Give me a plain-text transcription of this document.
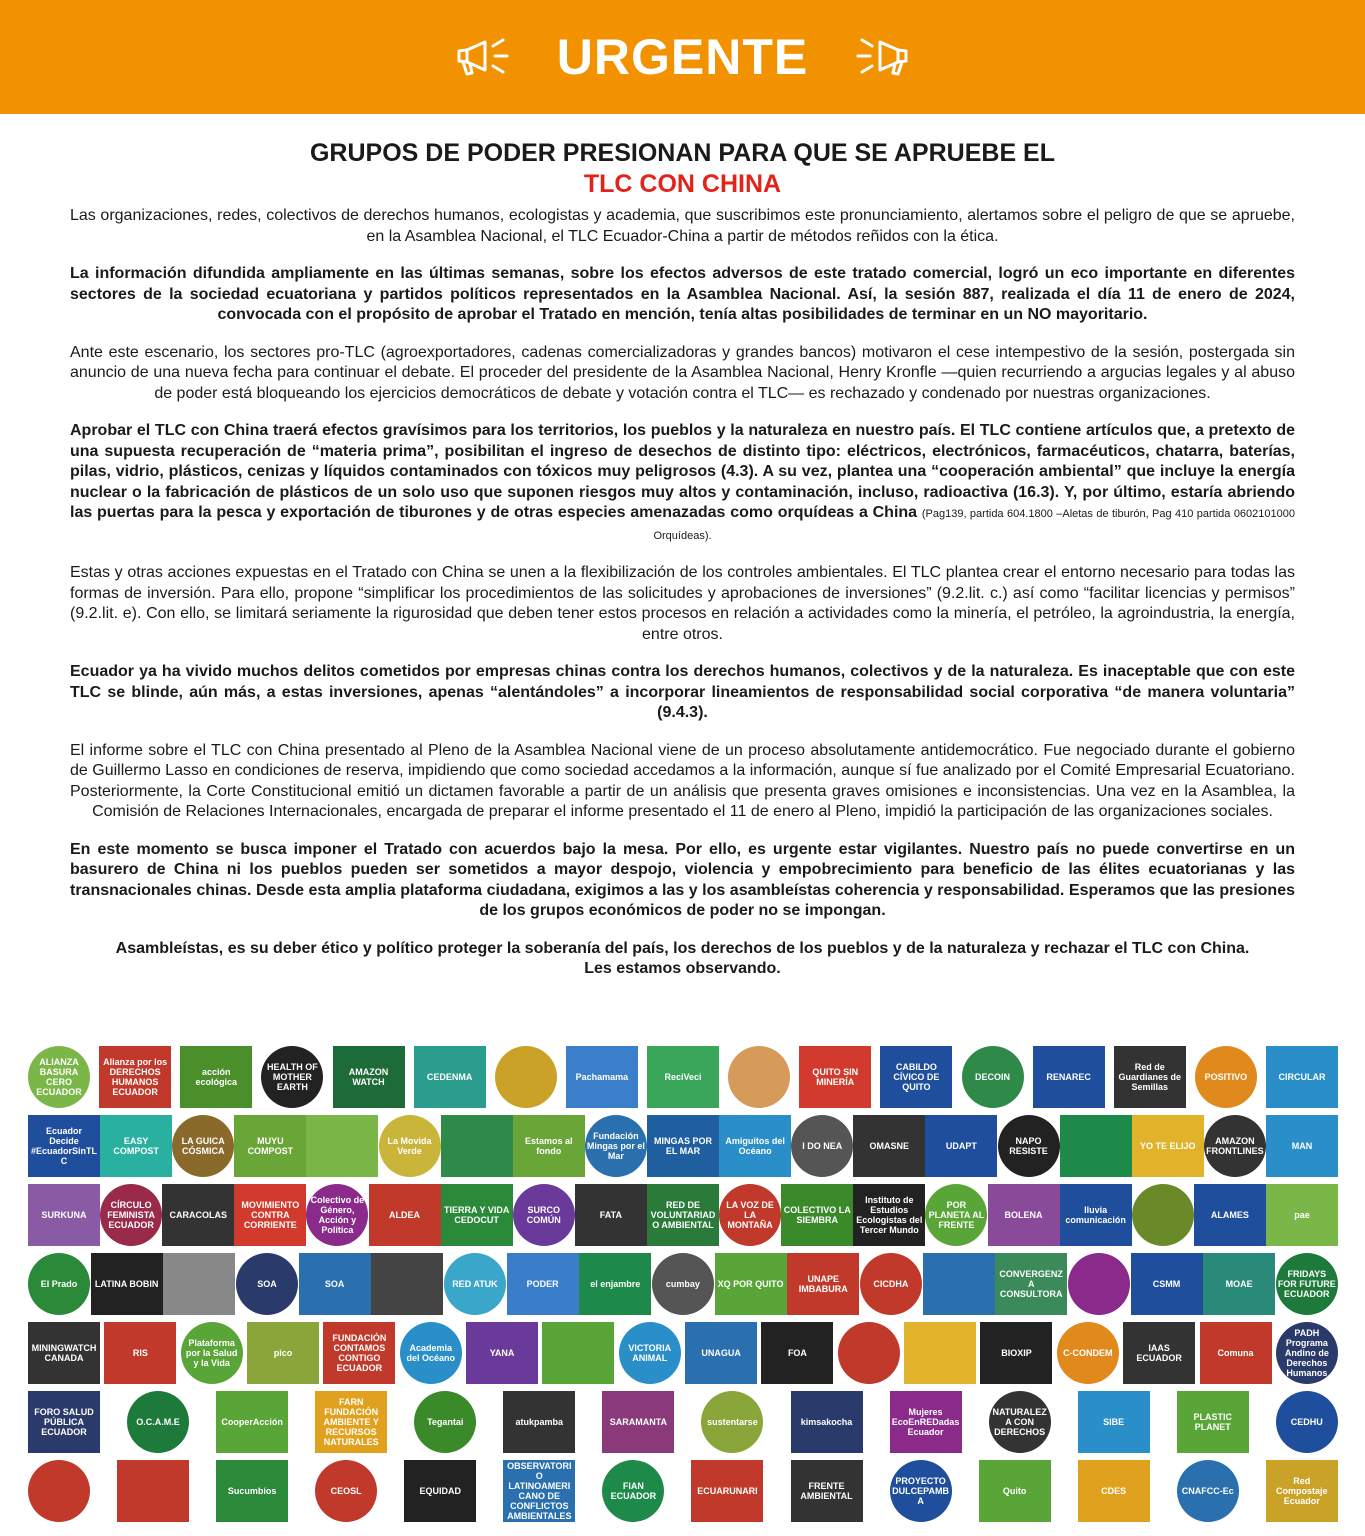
URGENTE
GRUPOS DE PODER PRESIONAN PARA QUE SE APRUEBE EL
TLC CON CHINA

Las organizaciones, redes, colectivos de derechos humanos, ecologistas y academia, que suscribimos este pronunciamiento, alertamos sobre el peligro de que se apruebe, en la Asamblea Nacional, el TLC Ecuador-China a partir de métodos reñidos con la ética.

La información difundida ampliamente en las últimas semanas, sobre los efectos adversos de este tratado comercial, logró un eco importante en diferentes sectores de la sociedad ecuatoriana y partidos políticos representados en la Asamblea Nacional. Así, la sesión 887, realizada el día 11 de enero de 2024, convocada con el propósito de aprobar el Tratado en mención, tenía altas posibilidades de terminar en un NO mayoritario.

Ante este escenario, los sectores pro-TLC (agroexportadores, cadenas comercializadoras y grandes bancos) motivaron el cese intempestivo de la sesión, postergada sin anuncio de una nueva fecha para continuar el debate. El proceder del presidente de la Asamblea Nacional, Henry Kronfle —quien recurriendo a argucias legales y al abuso de poder está bloqueando los ejercicios democráticos de debate y votación contra el TLC— es rechazado y condenado por nuestras organizaciones.

Aprobar el TLC con China traerá efectos gravísimos para los territorios, los pueblos y la naturaleza en nuestro país. El TLC contiene artículos que, a pretexto de una supuesta recuperación de “materia prima”, posibilitan el ingreso de desechos de distinto tipo: eléctricos, electrónicos, farmacéuticos, chatarra, baterías, pilas, vidrio, plásticos, cenizas y líquidos contaminados con tóxicos muy peligrosos (4.3). A su vez, plantea una “cooperación ambiental” que incluye la energía nuclear o la fabricación de plásticos de un solo uso que suponen riesgos muy altos y contaminación, incluso, radioactiva (16.3). Y, por último, estaría abriendo las puertas para la pesca y exportación de tiburones y de otras especies amenazadas como orquídeas a China (Pag139, partida 604.1800 –Aletas de tiburón, Pag 410 partida 0602101000 Orquídeas).

Estas y otras acciones expuestas en el Tratado con China se unen a la flexibilización de los controles ambientales. El TLC plantea crear el entorno necesario para todas las formas de inversión. Para ello, propone “simplificar los procedimientos de las solicitudes y aprobaciones de inversiones” (9.2.lit. c.) así como “facilitar licencias y permisos” (9.2.lit. e). Con ello, se limitará seriamente la rigurosidad que deben tener estos procesos en relación a actividades como la minería, el petróleo, la agroindustria, la energía, entre otros.

Ecuador ya ha vivido muchos delitos cometidos por empresas chinas contra los derechos humanos, colectivos y de la naturaleza. Es inaceptable que con este TLC se blinde, aún más, a estas inversiones, apenas “alentándoles” a incorporar lineamientos de responsabilidad social corporativa “de manera voluntaria” (9.4.3).

El informe sobre el TLC con China presentado al Pleno de la Asamblea Nacional viene de un proceso absolutamente antidemocrático. Fue negociado durante el gobierno de Guillermo Lasso en condiciones de reserva, impidiendo que como sociedad accedamos a la información, aunque sí fue analizado por el Comité Empresarial Ecuatoriano. Posteriormente, la Corte Constitucional emitió un dictamen favorable a partir de un análisis que presenta graves omisiones e inconsistencias. Una vez en la Asamblea, la Comisión de Relaciones Internacionales, encargada de preparar el informe presentado el 11 de enero al Pleno, impidió la participación de las organizaciones sociales.

En este momento se busca imponer el Tratado con acuerdos bajo la mesa. Por ello, es urgente estar vigilantes. Nuestro país no puede convertirse en un basurero de China ni los pueblos pueden ser sometidos a mayor despojo, violencia y empobrecimiento para beneficio de las élites ecuatorianas y las transnacionales chinas. Desde esta amplia plataforma ciudadana, exigimos a las y los asambleístas coherencia y responsabilidad. Esperamos que las presiones de los grupos económicos de poder no se impongan.

Asambleístas, es su deber ético y político proteger la soberanía del país, los derechos de los pueblos y de la naturaleza y rechazar el TLC con China.
Les estamos observando.
ALIANZA BASURA CERO ECUADOR
Alianza por los DERECHOS HUMANOS ECUADOR
acción ecológica
HEALTH OF MOTHER EARTH
AMAZON WATCH	CEDENMA	Pachamama	ReciVeci	QUITO SIN MINERÍA
CABILDO CÍVICO DE QUITO
DECOIN	RENAREC
Red de Guardianes de Semillas
POSITIVO	CIRCULAR
Ecuador Decide #EcuadorSinTLC
EASY COMPOST
LA GUICA CÓSMICA
MUYU COMPOST
La Movida Verde
Estamos al fondo
Fundación Mingas por el Mar
MINGAS POR EL MAR
Amiguitos del Océano	I DO NEA	OMASNE	UDAPT	NAPO RESISTE	YO TE ELIJO	AMAZON FRONTLINES	MAN
SURKUNA
CÍRCULO FEMINISTA ECUADOR
CARACOLAS
MOVIMIENTO CONTRA CORRIENTE
Colectivo de Género, Acción y Política
ALDEA	TIERRA Y VIDA CEDOCUT
SURCO COMÚN	FATA
RED DE VOLUNTARIADO AMBIENTAL
LA VOZ DE LA MONTAÑA
COLECTIVO LA SIEMBRA
Instituto de Estudios Ecologistas del Tercer Mundo
POR PLANETA AL FRENTE
BOLENA	lluvia comunicación	ALAMES	pae
El Prado LATINA BOBIN	SOA	SOA	RED ATUK	PODER	el enjambre	cumbay XQ POR QUITO	UNAPE IMBABURA	CICDHA
CONVERGENZA CONSULTORA
CSMM	MOAE
FRIDAYS FOR FUTURE ECUADOR
MININGWATCH CANADA	RIS
Plataforma por la Salud y la Vida
pico
FUNDACIÓN CONTAMOS CONTIGO ECUADOR
Academia del Océano	YANA	VICTORIA ANIMAL	UNAGUA	FOA	BIOXIP	C-CONDEM	IAAS ECUADOR	Comuna
PADH Programa Andino de Derechos Humanos
FORO SALUD PÚBLICA ECUADOR
O.C.A.M.E	CooperAcción
FARN FUNDACIÓN AMBIENTE Y RECURSOS NATURALES
Tegantai	atukpamba	SARAMANTA	sustentarse	kimsakocha
Mujeres EcoEnREDadas Ecuador
NATURALEZA CON DERECHOS
SIBE	PLASTIC PLANET	CEDHU
Sucumbíos	CEOSL	EQUIDAD
OBSERVATORIO LATINOAMERICANO DE CONFLICTOS AMBIENTALES
FIAN ECUADOR	ECUARUNARI	FRENTE AMBIENTAL
PROYECTO DULCEPAMBA
Quito	CDES	CNAFCC-Ec
Red Compostaje Ecuador
